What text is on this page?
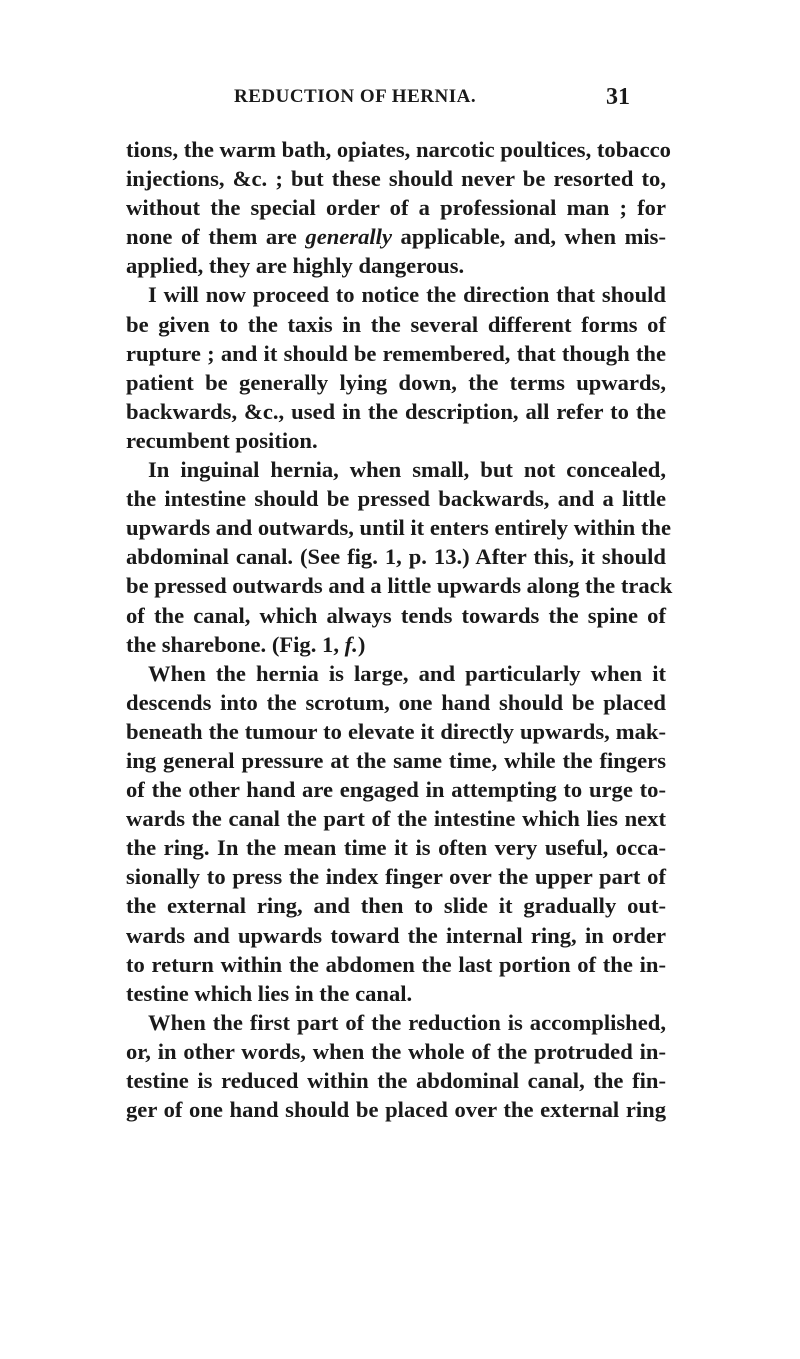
REDUCTION OF HERNIA.	31
tions, the warm bath, opiates, narcotic poultices, tobacco
injections, &c. ; but these should never be resorted to,
without the special order of a professional man ; for
none of them are generally applicable, and, when mis-
applied, they are highly dangerous.
I will now proceed to notice the direction that should
be given to the taxis in the several different forms of
rupture ; and it should be remembered, that though the
patient be generally lying down, the terms upwards,
backwards, &c., used in the description, all refer to the
recumbent position.
In inguinal hernia, when small, but not concealed,
the intestine should be pressed backwards, and a little
upwards and outwards, until it enters entirely within the
abdominal canal. (See fig. 1, p. 13.) After this, it should
be pressed outwards and a little upwards along the track
of the canal, which always tends towards the spine of
the sharebone. (Fig. 1, f.)
When the hernia is large, and particularly when it
descends into the scrotum, one hand should be placed
beneath the tumour to elevate it directly upwards, mak-
ing general pressure at the same time, while the fingers
of the other hand are engaged in attempting to urge to-
wards the canal the part of the intestine which lies next
the ring. In the mean time it is often very useful, occa-
sionally to press the index finger over the upper part of
the external ring, and then to slide it gradually out-
wards and upwards toward the internal ring, in order
to return within the abdomen the last portion of the in-
testine which lies in the canal.
When the first part of the reduction is accomplished,
or, in other words, when the whole of the protruded in-
testine is reduced within the abdominal canal, the fin-
ger of one hand should be placed over the external ring
